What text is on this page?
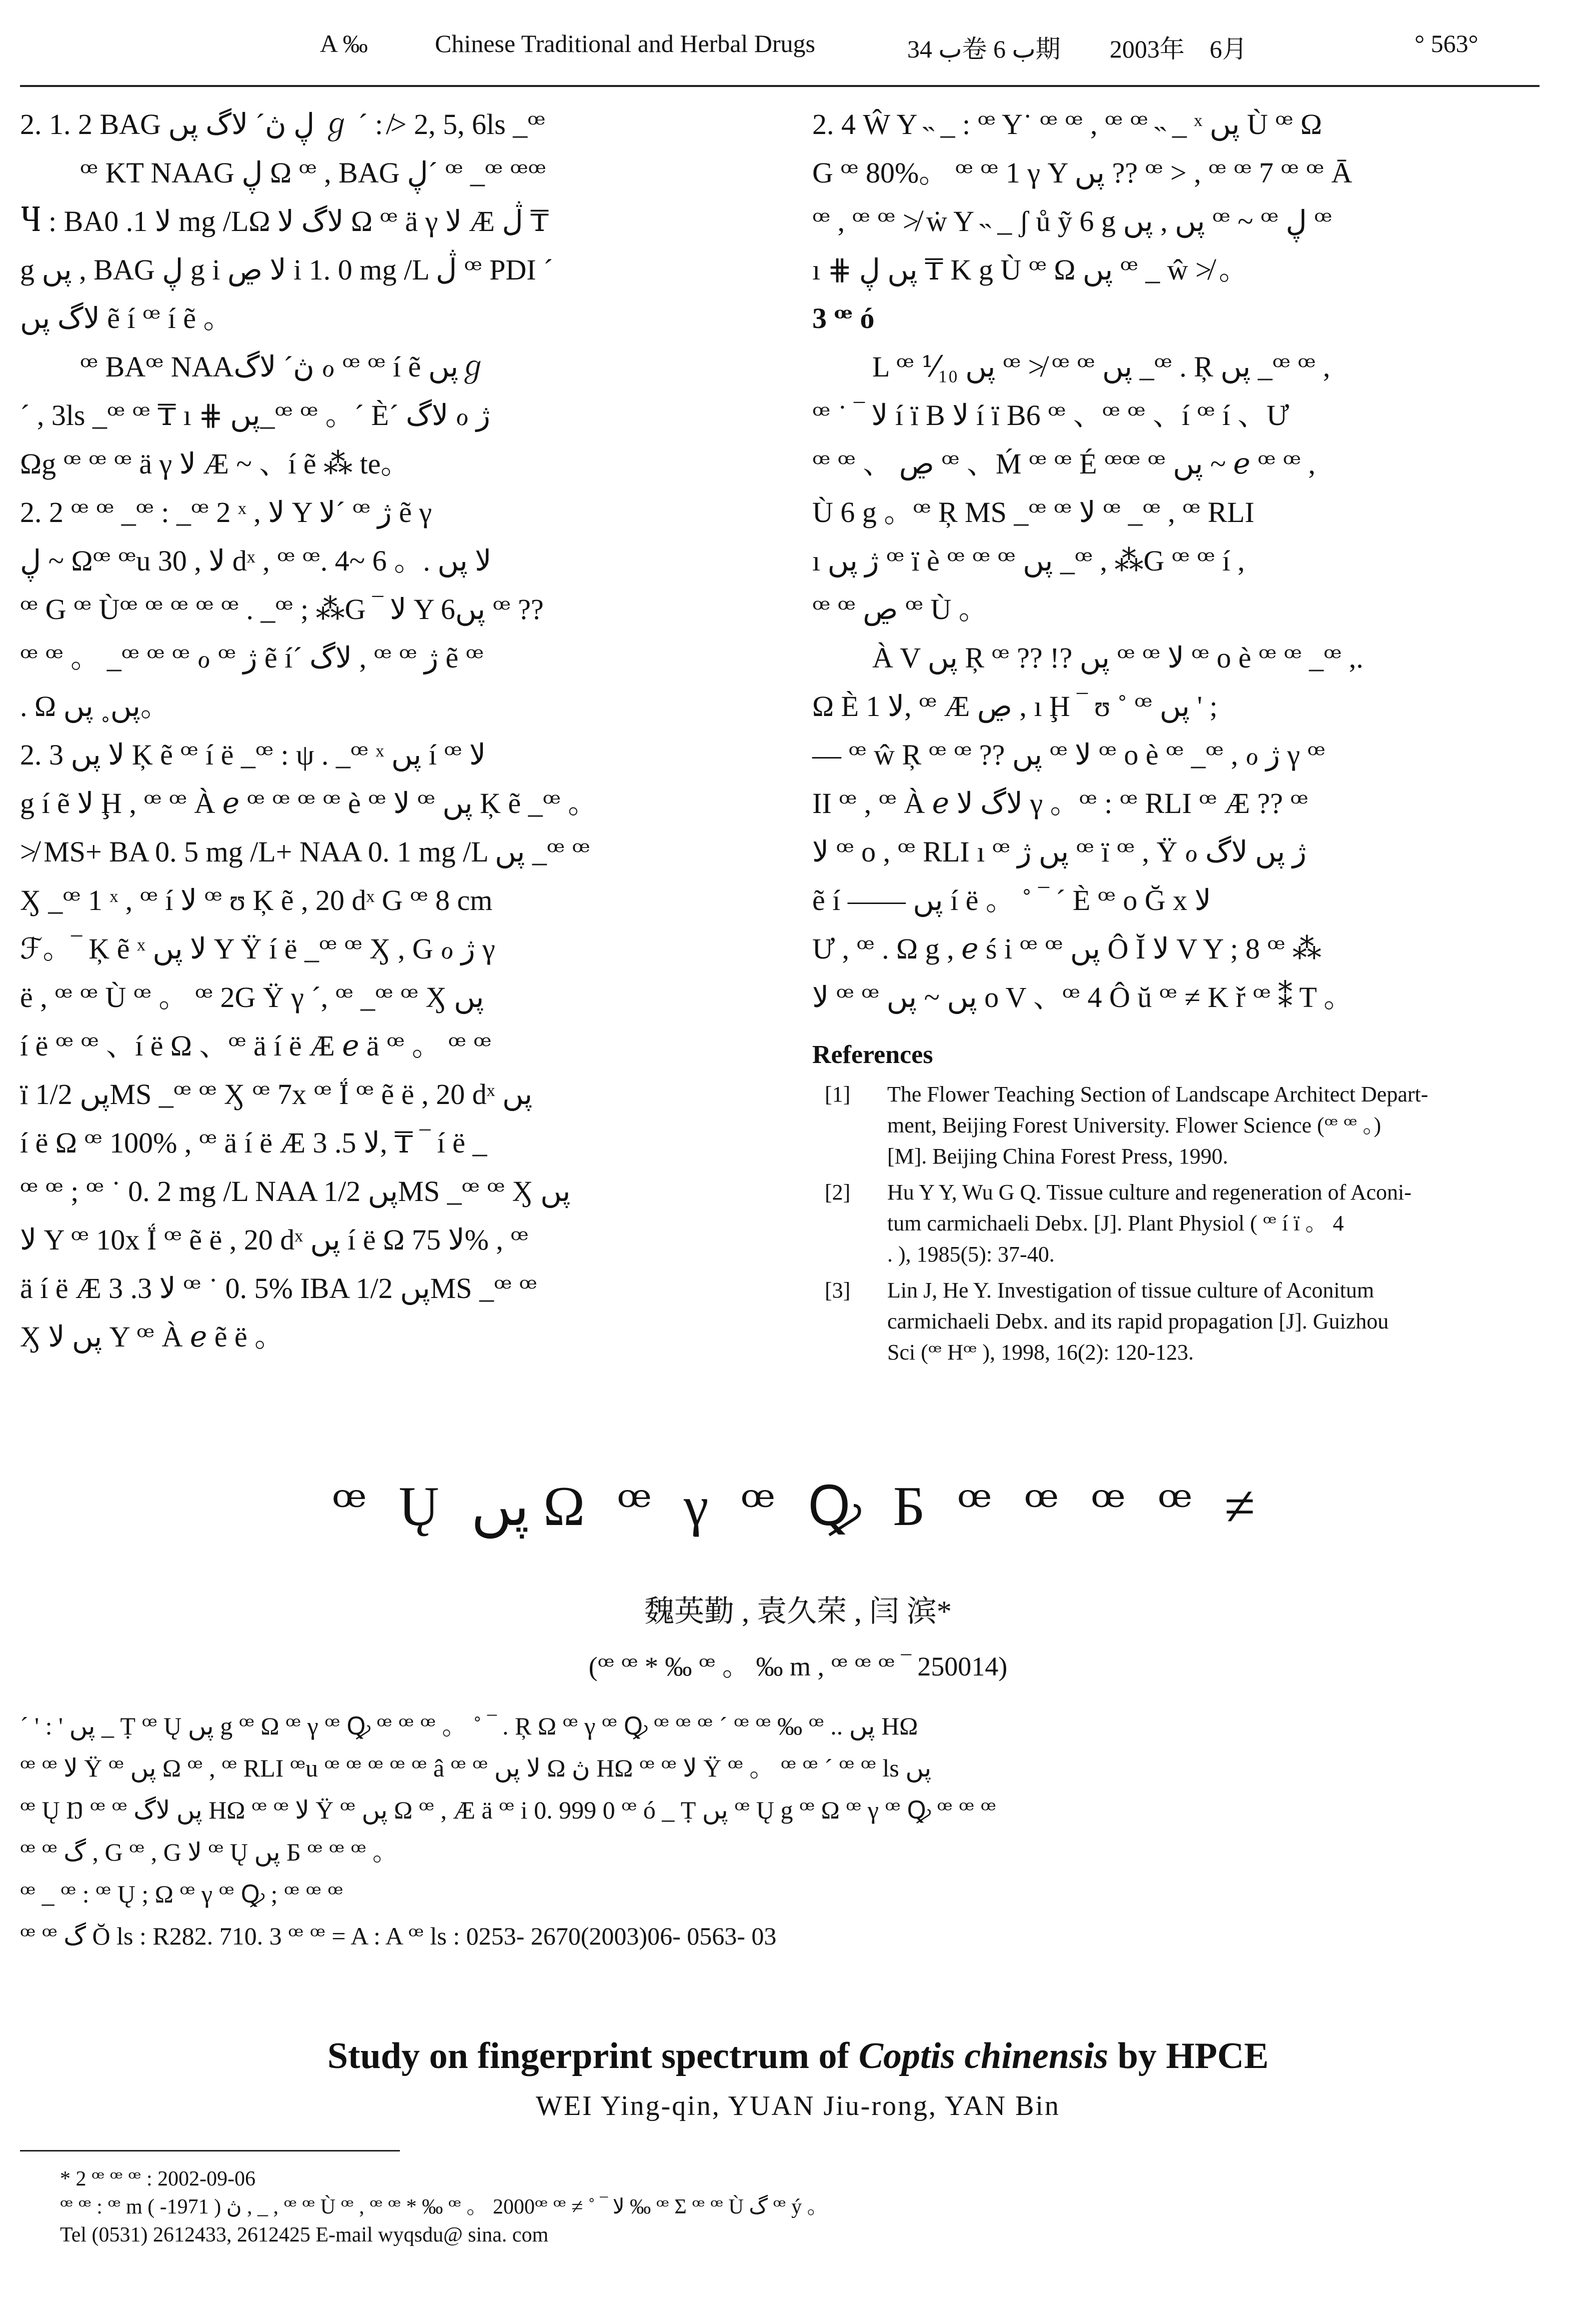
A ‰	Chinese Traditional and Herbal Drugs	ب 34卷 ب 6期 2003年 6月	° 563°

2. 1. 2 BAG ڸ ڽ´ لاگ پں ℊ ˊ : ≯ 2, 5, 6ls _ꟹ

ꟹ KT NAAG ڸ Ω ꟹ , BAG ڸ´ ꟹ _ꟹ ꟹꟹ

Ⴗ : BAلا 1. 0 mg /LΩ لاگ لا Ω ꟹ ä γ لا Æ ڷ ₸

g پں , BAG ڸ g i لا ڝ i 1. 0 mg /L ڷ ꟹ PDI ´

لاگ پں ẽ í ꟹ í ẽ 。

ꟹ BAꟹ NAAڽ´ لاگ ℴ ꟹ ꟹ í ẽ پںℊ

ˊ , 3ls _ꟹ ꟹ ₸ ı ⋕ پں_ꟹ ꟹ 。´ È´ لاگ ℴ ژ

Ωg ꟹ ꟹ ꟹ ä γ لا Æ ~ 、í ẽ ⁂ te。

2. 2 ꟹ ꟹ _ꟹ : _ꟹ 2 ˣ , لا Y لا´ ꟹ ژ ẽ γ

ڸ ~ Ωꟹ ꟹu لا , 30 dˣ , ꟹ ꟹ. 4~ 6 。. لا پں

ꟹ G ꟹ Ùꟹ ꟹ ꟹ ꟹ ꟹ . _ꟹ ; ⁂G ‾ لا Y پں6 ꟹ ??

ꟹ ꟹ 。 _ꟹ ꟹ ꟹ ℴ ꟹ ژ ẽ í´ لاگ , ꟹ ꟹ ژ ẽ ꟹ

. Ω پں˳ پں。

2. 3 لا پں Ķ ẽ ꟹ í ë _ꟹ : ψ . _ꟹ ˣ پں í ꟹ لا

g í ẽ لا Ḩ , ꟹ ꟹ À ℯ ꟹ ꟹ ꟹ ꟹ è ꟹ لا ꟹ پں Ķ ẽ _ꟹ 。

≯ MS+ BA 0. 5 mg /L+ NAA 0. 1 mg /L پں _ꟹ ꟹ

Ӽ _ꟹ 1 ˣ , ꟹ í لا ꟹ ʊ Ķ ẽ , 20 dˣ G ꟹ 8 cm

ℱ。‾ Ķ ẽ ˣ لا پں Y Ÿ í ë _ꟹ ꟹ Ӽ , G ℴ ژ γ

ë , ꟹ ꟹ Ù ꟹ 。 ꟹ 2G Ÿ γ ´, ꟹ _ꟹ ꟹ Ӽ پں

í ë ꟹ ꟹ 、í ë Ω 、ꟹ ä í ë Æ ℯ ä ꟹ 。 ꟹ ꟹ

ï پں 1/2MS _ꟹ ꟹ Ӽ ꟹ 7x ꟹ Ḯ ꟹ ẽ ë , 20 dˣ پں

í ë Ω ꟹ 100% , ꟹ ä í ë Æ لا 5. 3, ₸ ‾ í ë _

ꟹ ꟹ ; ꟹ ˙ 0. 2 mg /L NAA پں 1/2MS _ꟹ ꟹ Ӽ پں

لا Y ꟹ 10x Ḯ ꟹ ẽ ë , 20 dˣ پں í ë Ω لا 75% , ꟹ

ä í ë Æ لا 3. 3 ꟹ ˙ 0. 5% IBA پں 1/2MS _ꟹ ꟹ

Ӽ پں لا Y ꟹ À ℯ ẽ ë 。

2. 4 Ŵ Y ˵ _ : ꟹ Y˙ ꟹ ꟹ , ꟹ ꟹ ˵ _ ˣ پں Ù ꟹ Ω

G ꟹ 80%。 ꟹ ꟹ 1 γ Y پں ?? ꟹ > , ꟹ ꟹ 7 ꟹ ꟹ Ā

ꟹ , ꟹ ꟹ ≯ ẇ Y ˵ _ ʃ ů ỹ 6 g پں , پں ꟹ ~ ꟹ ڸ ꟹ

ı ⋕ پں ڸ ₸ K g Ù ꟹ Ω پں ꟹ _ ŵ ≯ 。

3 ꟹ ó

L ꟹ ⅟₁₀ پں ꟹ ≯ ꟹ ꟹ پں _ꟹ . Ŗ پں _ꟹ ꟹ ,

ꟹ ˙ ‾ لا í ï B لا í ï B6 ꟹ 、ꟹ ꟹ 、í ꟹ í 、Ư

ꟹ ꟹ 、 ڝ ꟹ 、Ḿ ꟹ ꟹ É ꟹꟹ ꟹ پں ~ ℯ ꟹ ꟹ ,

Ù 6 g 。ꟹ Ŗ MS _ꟹ ꟹ لا ꟹ _ꟹ , ꟹ RLI

ı ژ پں ꟹ ï è ꟹ ꟹ ꟹ پں _ꟹ , ⁂G ꟹ ꟹ í ,

ꟹ ꟹ ڝ ꟹ Ù 。

À V پں Ŗ ꟹ ?? !? پں ꟹ ꟹ لا ꟹ o è ꟹ ꟹ _ꟹ ,.

Ω È لا 1, ꟹ Æ ڝ , ı Ḩ ‾ ʊ ˚ ꟹ پں ' ;

— ꟹ ŵ Ŗ ꟹ ꟹ ?? پں ꟹ لا ꟹ o è ꟹ _ꟹ , ℴ ژ γ ꟹ

II ꟹ , ꟹ À ℯ لاگ لا γ 。ꟹ : ꟹ RLI ꟹ Æ ?? ꟹ

لا ꟹ o , ꟹ RLI ı ꟹ پں ژ ꟹ ï ꟹ , Ÿ ℴ ژ پں لاگ

ẽ í —— پں í ë 。 ˚ ‾ ´ È ꟹ o Ğ x لا

Ư , ꟹ . Ω g , ℯ ś i ꟹ ꟹ پں Ô Ĭ لا V Y ; 8 ꟹ ⁂

لا ꟹ ꟹ پں ~ پں o V 、ꟹ 4 Ô ŭ ꟹ ≠ K ř ꟹ ⁑ T 。

References
[1] The Flower Teaching Section of Landscape Architect Depart-
ment, Beijing Forest University. Flower Science (ꟹ ꟹ 。)
[M]. Beijing China Forest Press, 1990.
[2] Hu Y Y, Wu G Q. Tissue culture and regeneration of Aconi-
tum carmichaeli Debx. [J]. Plant Physiol ( ꟹ í ï 。 4
. ), 1985(5): 37-40.
[3] Lin J, He Y. Investigation of tissue culture of Aconitum
carmichaeli Debx. and its rapid propagation [J]. Guizhou
Sci (ꟹ Hꟹ ), 1998, 16(2): 120-123.
ꟹ Ų پں Ω ꟹ γ ꟹ Ꝙ Б ꟹ ꟹ ꟹ ꟹ ≠
魏英勤 , 袁久荣 , 闫 滨*
(ꟹ ꟹ * ‰ ꟹ 。 ‰ m , ꟹ ꟹ ꟹ ‾ 250014)

ˊ ' : ' پں _ Ṭ ꟹ Ų پں g ꟹ Ω ꟹ γ ꟹ Ꝙ ꟹ ꟹ ꟹ 。 ˚ ‾ . Ŗ Ω ꟹ γ ꟹ Ꝙ ꟹ ꟹ ꟹ ´ ꟹ ꟹ ‰ ꟹ .. پں HΩ

ꟹ ꟹ لا Ÿ ꟹ پں Ω ꟹ , ꟹ RLI ꟹu ꟹ ꟹ ꟹ ꟹ ꟹ â ꟹ ꟹ لا پں Ω ڽ HΩ ꟹ ꟹ لا Ÿ ꟹ 。 ꟹ ꟹ ˊ ꟹ ꟹ ls پں

ꟹ Ų Ŋ ꟹ ꟹ پں لاگ HΩ ꟹ ꟹ لا Ÿ ꟹ پں Ω ꟹ , Æ ä ꟹ i 0. 999 0 ꟹ ó _ Ṭ پں ꟹ Ų g ꟹ Ω ꟹ γ ꟹ Ꝙ ꟹ ꟹ ꟹ

ꟹ ꟹ گ , G ꟹ , G لا ꟹ Ų پں Б ꟹ ꟹ ꟹ 。

ꟹ _ ꟹ : ꟹ Ų ; Ω ꟹ γ ꟹ Ꝙ ; ꟹ ꟹ ꟹ

ꟹ ꟹ گ Ŏ ls : R282. 710. 3 ꟹ ꟹ = A : A ꟹ ls : 0253- 2670(2003)06- 0563- 03

Study on fingerprint spectrum of Coptis chinensis by HPCE
WEI Ying-qin, YUAN Jiu-rong, YAN Bin

* 2 ꟹ ꟹ ꟹ : 2002-09-06

ꟹ ꟹ : ꟹ m ڽ ( 1971- ) , _ , ꟹ ꟹ Ù ꟹ , ꟹ ꟹ * ‰ ꟹ 。 2000ꟹ ꟹ ≠ ˚ ‾ لا ‰ ꟹ Σ ꟹ ꟹ Ù گ ꟹ ý 。

Tel (0531) 2612433, 2612425 E-mail wyqsdu@ sina. com
